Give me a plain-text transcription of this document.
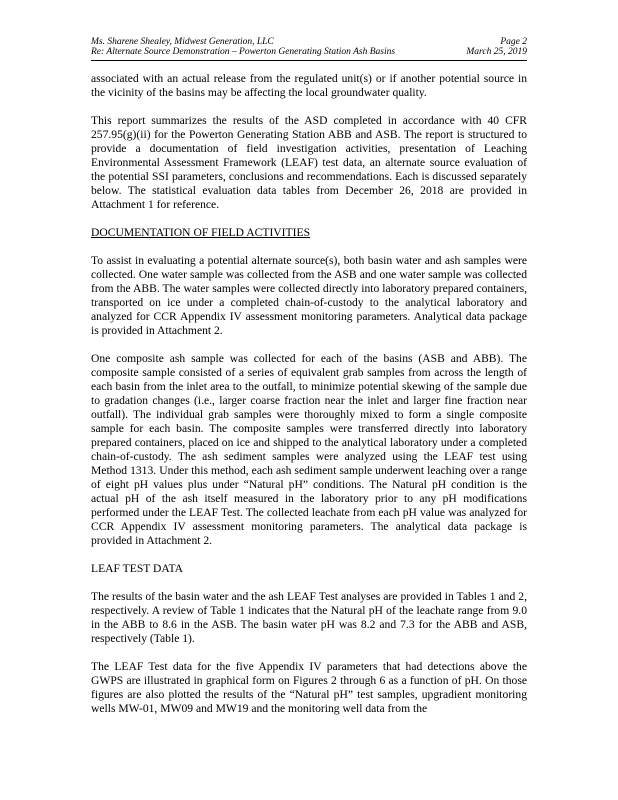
Ms. Sharene Shealey, Midwest Generation, LLC	Page 2
Re: Alternate Source Demonstration – Powerton Generating Station Ash Basins	March 25, 2019

associated with an actual release from the regulated unit(s) or if another potential source in the vicinity of the basins may be affecting the local groundwater quality.

This report summarizes the results of the ASD completed in accordance with 40 CFR 257.95(g)(ii) for the Powerton Generating Station ABB and ASB. The report is structured to provide a documentation of field investigation activities, presentation of Leaching Environmental Assessment Framework (LEAF) test data, an alternate source evaluation of the potential SSI parameters, conclusions and recommendations. Each is discussed separately below. The statistical evaluation data tables from December 26, 2018 are provided in Attachment 1 for reference.

DOCUMENTATION OF FIELD ACTIVITIES

To assist in evaluating a potential alternate source(s), both basin water and ash samples were collected. One water sample was collected from the ASB and one water sample was collected from the ABB. The water samples were collected directly into laboratory prepared containers, transported on ice under a completed chain-of-custody to the analytical laboratory and analyzed for CCR Appendix IV assessment monitoring parameters. Analytical data package is provided in Attachment 2.

One composite ash sample was collected for each of the basins (ASB and ABB). The composite sample consisted of a series of equivalent grab samples from across the length of each basin from the inlet area to the outfall, to minimize potential skewing of the sample due to gradation changes (i.e., larger coarse fraction near the inlet and larger fine fraction near outfall). The individual grab samples were thoroughly mixed to form a single composite sample for each basin. The composite samples were transferred directly into laboratory prepared containers, placed on ice and shipped to the analytical laboratory under a completed chain-of-custody. The ash sediment samples were analyzed using the LEAF test using Method 1313. Under this method, each ash sediment sample underwent leaching over a range of eight pH values plus under “Natural pH” conditions. The Natural pH condition is the actual pH of the ash itself measured in the laboratory prior to any pH modifications performed under the LEAF Test. The collected leachate from each pH value was analyzed for CCR Appendix IV assessment monitoring parameters. The analytical data package is provided in Attachment 2.

LEAF TEST DATA

The results of the basin water and the ash LEAF Test analyses are provided in Tables 1 and 2, respectively. A review of Table 1 indicates that the Natural pH of the leachate range from 9.0 in the ABB to 8.6 in the ASB. The basin water pH was 8.2 and 7.3 for the ABB and ASB, respectively (Table 1).

The LEAF Test data for the five Appendix IV parameters that had detections above the GWPS are illustrated in graphical form on Figures 2 through 6 as a function of pH. On those figures are also plotted the results of the “Natural pH” test samples, upgradient monitoring wells MW-01, MW09 and MW19 and the monitoring well data from the
